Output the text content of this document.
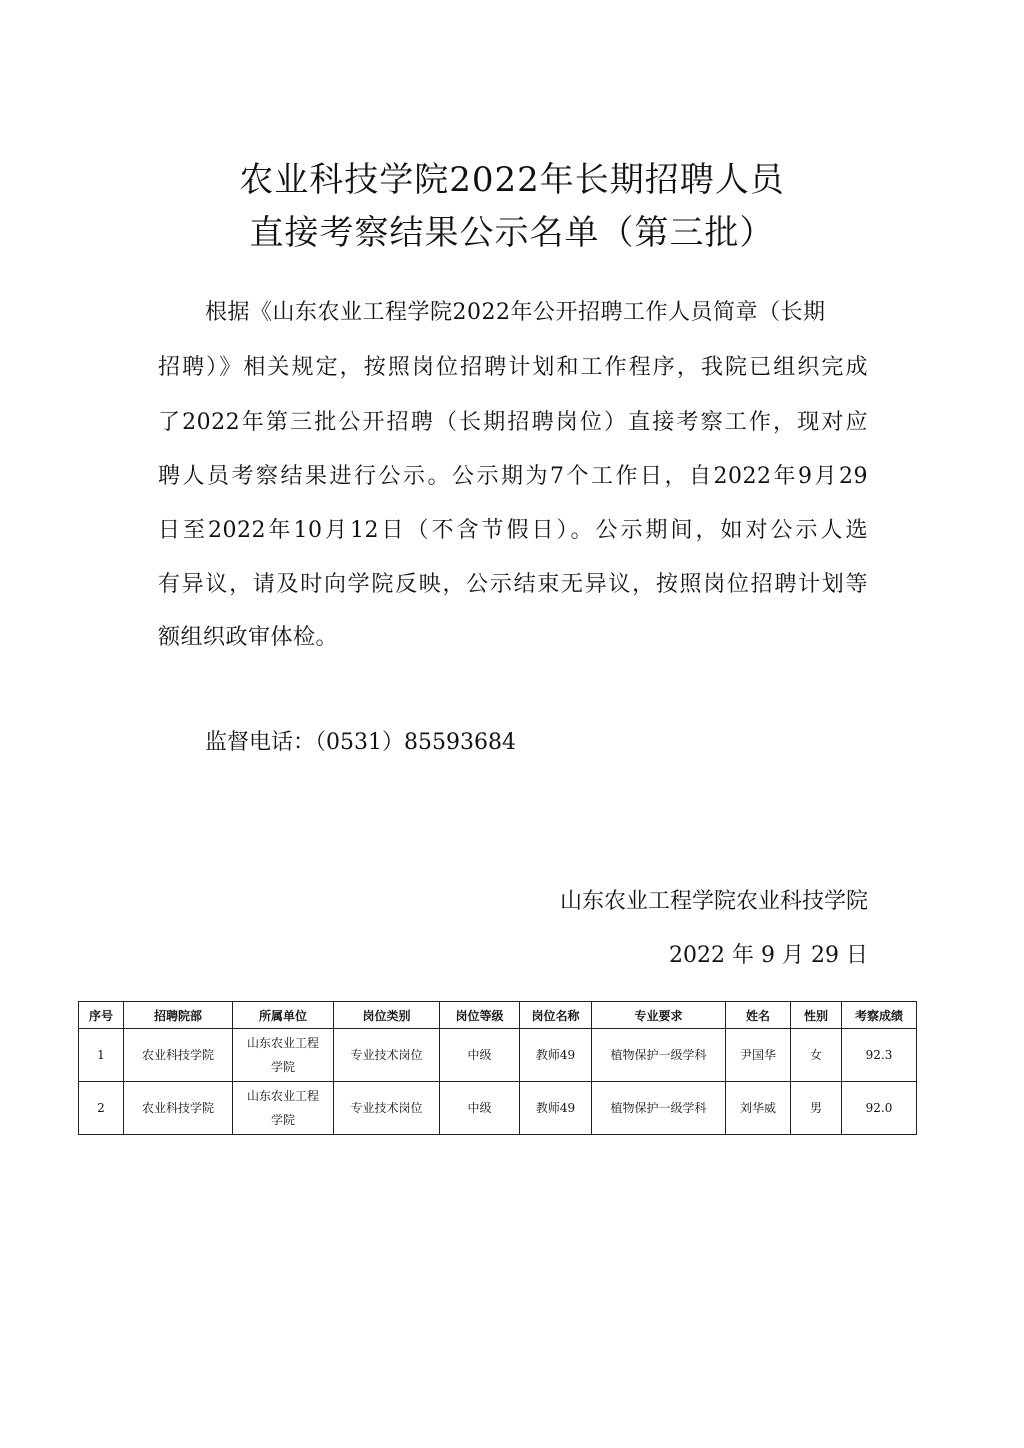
农业科技学院2022年长期招聘人员
直接考察结果公示名单（第三批）
根据《山东农业工程学院2022年公开招聘工作人员简章（长期
招聘）》相关规定，按照岗位招聘计划和工作程序，我院已组织完成
了2022年第三批公开招聘（长期招聘岗位）直接考察工作，现对应
聘人员考察结果进行公示。公示期为7个工作日，自2022年9月29
日至2022年10月12日（不含节假日）。公示期间，如对公示人选
有异议，请及时向学院反映，公示结束无异议，按照岗位招聘计划等
额组织政审体检。
监督电话：（0531）85593684
山东农业工程学院农业科技学院
2022 年 9 月 29 日
序号	招聘院部	所属单位	岗位类别	岗位等级	岗位名称	专业要求	姓名	性别	考察成绩
1	农业科技学院	山东农业工程学院	专业技术岗位	中级	教师49	植物保护一级学科	尹国华	女	92.3
2	农业科技学院	山东农业工程学院	专业技术岗位	中级	教师49	植物保护一级学科	刘华威	男	92.0
